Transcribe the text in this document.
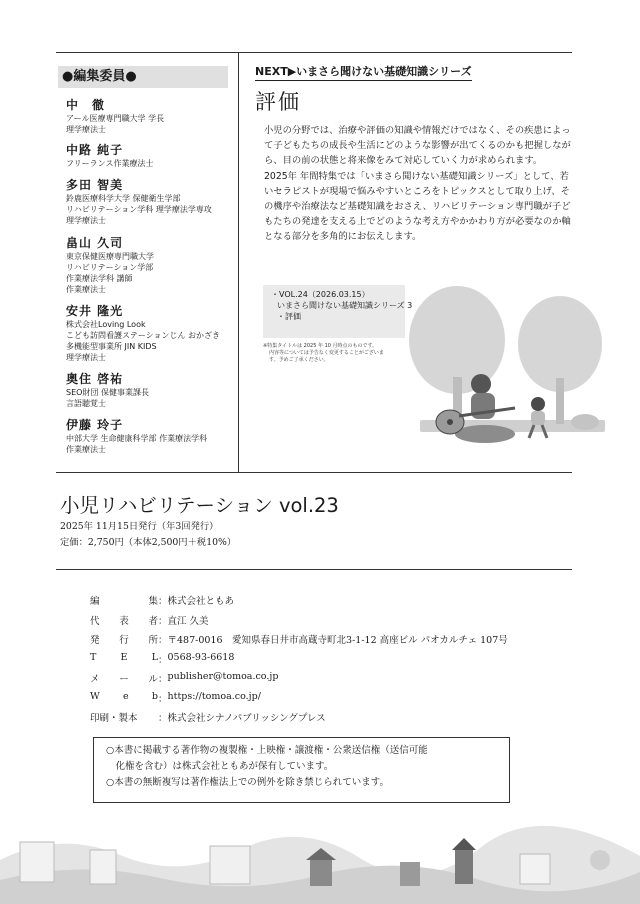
●編集委員●
中　徹
アール医療専門職大学 学長
理学療法士
中路 純子
フリーランス作業療法士
多田 智美
鈴鹿医療科学大学 保健衛生学部
リハビリテーション学科 理学療法学専攻
理学療法士
畠山 久司
東京保健医療専門職大学
リハビリテーション学部
作業療法学科 講師
作業療法士
安井 隆光
株式会社Loving Look
こども訪問看護ステーションじん おかざき
多機能型事業所 JIN KIDS
理学療法士
奥住 啓祐
SEO財団 保健事業課長
言語聴覚士
伊藤 玲子
中部大学 生命健康科学部 作業療法学科
作業療法士
NEXT▶いまさら聞けない基礎知識シリーズ
評価

小児の分野では、治療や評価の知識や情報だけではなく、その疾患によって子どもたちの成長や生活にどのような影響が出てくるのかも把握しながら、目の前の状態と将来像をみて対応していく力が求められます。

2025年 年間特集では「いまさら聞けない基礎知識シリーズ」として、若いセラピストが現場で悩みやすいところをトピックスとして取り上げ、その機序や治療法など基礎知識をおさえ、リハビリテーション専門職が子どもたちの発達を支える上でどのような考え方やかかわり方が必要なのか軸となる部分を多角的にお伝えします。

・VOL.24（2026.03.15）
いまさら聞けない基礎知識シリーズ 3
・評価
※特集タイトルは 2025 年 10 月時点のものです。
内容等については予告なく変更することがございます。予めご了承ください。
小児リハビリテーション vol.23
2025年 11月15日発行（年3回発行）
定価：2,750円（本体2,500円＋税10%）
編	集 ： 株式会社ともあ
代 表 者 ： 直江 久美
発 行 所 ： 〒487-0016　愛知県春日井市高蔵寺町北3-1-12 高座ビル パオカルチェ 107号
T	E	L ： 0568-93-6618
メ ー ル ： publisher@tomoa.co.jp
W e b ： https://tomoa.co.jp/
印刷・製本 ： 株式会社シナノパブリッシングプレス

○本書に掲載する著作物の複製権・上映権・譲渡権・公衆送信権（送信可能

　化権を含む）は株式会社ともあが保有しています。

○本書の無断複写は著作権法上での例外を除き禁じられています。
